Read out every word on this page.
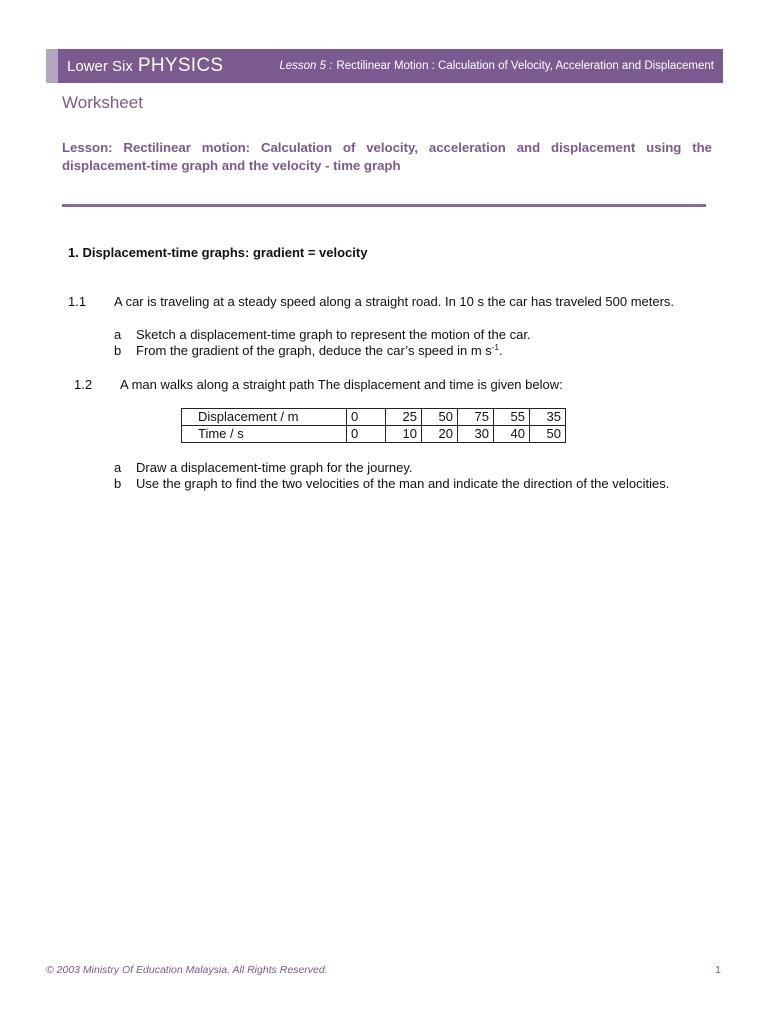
Lower Six PHYSICS	Lesson 5 : Rectilinear Motion : Calculation of Velocity, Acceleration and Displacement
Worksheet
Lesson: Rectilinear motion: Calculation of velocity, acceleration and displacement using the displacement-time graph and the velocity - time graph
1. Displacement-time graphs: gradient = velocity
1.1 A car is traveling at a steady speed along a straight road. In 10 s the car has traveled 500 meters.
a Sketch a displacement-time graph to represent the motion of the car.
b From the gradient of the graph, deduce the car’s speed in m $s^{-1}$.
1.2 A man walks along a straight path The displacement and time is given below:
Displacement / m	0	25	50	75	55	35
Time / s	0	10	20	30	40	50
a Draw a displacement-time graph for the journey.
b Use the graph to find the two velocities of the man and indicate the direction of the velocities.
© 2003 Ministry Of Education Malaysia. All Rights Reserved.	1
